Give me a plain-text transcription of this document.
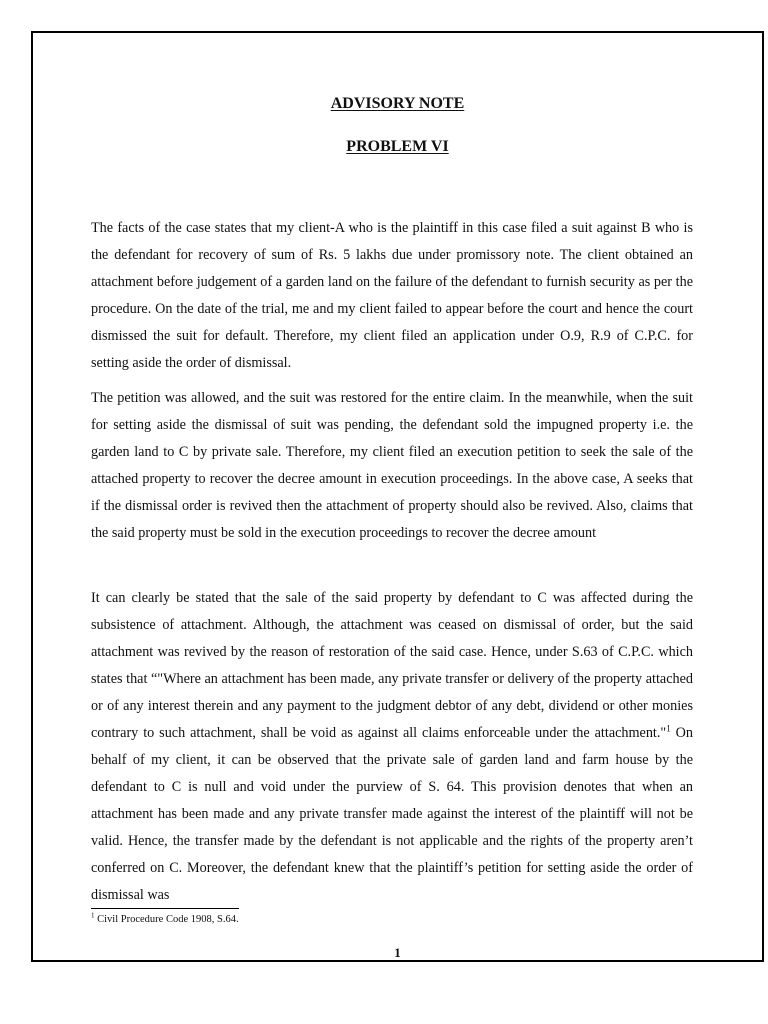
ADVISORY NOTE
PROBLEM VI

The facts of the case states that my client-A who is the plaintiff in this case filed a suit against B who is the defendant for recovery of sum of Rs. 5 lakhs due under promissory note. The client obtained an attachment before judgement of a garden land on the failure of the defendant to furnish security as per the procedure. On the date of the trial, me and my client failed to appear before the court and hence the court dismissed the suit for default. Therefore, my client filed an application under O.9, R.9 of C.P.C. for setting aside the order of dismissal.

The petition was allowed, and the suit was restored for the entire claim. In the meanwhile, when the suit for setting aside the dismissal of suit was pending, the defendant sold the impugned property i.e. the garden land to C by private sale. Therefore, my client filed an execution petition to seek the sale of the attached property to recover the decree amount in execution proceedings. In the above case, A seeks that if the dismissal order is revived then the attachment of property should also be revived. Also, claims that the said property must be sold in the execution proceedings to recover the decree amount

It can clearly be stated that the sale of the said property by defendant to C was affected during the subsistence of attachment. Although, the attachment was ceased on dismissal of order, but the said attachment was revived by the reason of restoration of the said case. Hence, under S.63 of C.P.C. which states that “"Where an attachment has been made, any private transfer or delivery of the property attached or of any interest therein and any payment to the judgment debtor of any debt, dividend or other monies contrary to such attachment, shall be void as against all claims enforceable under the attachment."$^1$ On behalf of my client, it can be observed that the private sale of garden land and farm house by the defendant to C is null and void under the purview of S. 64. This provision denotes that when an attachment has been made and any private transfer made against the interest of the plaintiff will not be valid. Hence, the transfer made by the defendant is not applicable and the rights of the property aren’t conferred on C. Moreover, the defendant knew that the plaintiff’s petition for setting aside the order of dismissal was

$^1$ Civil Procedure Code 1908, S.64.

1
